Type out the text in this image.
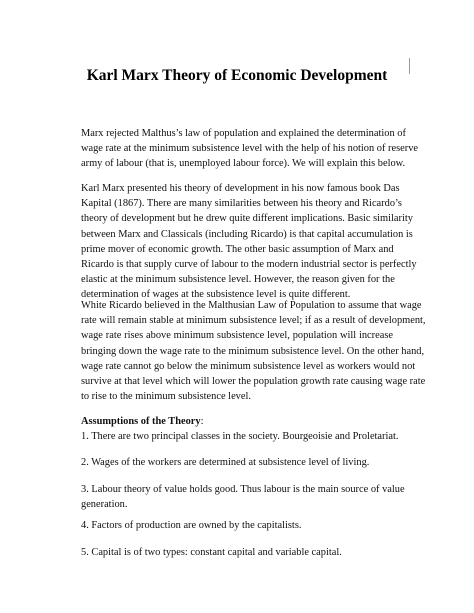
Karl Marx Theory of Economic Development
Marx rejected Malthus’s law of population and explained the determination of
wage rate at the minimum subsistence level with the help of his notion of reserve
army of labour (that is, unemployed labour force). We will explain this below.
Karl Marx presented his theory of development in his now famous book Das
Kapital (1867). There are many similarities between his theory and Ricardo’s
theory of development but he drew quite different implications. Basic similarity
between Marx and Classicals (including Ricardo) is that capital accumulation is
prime mover of economic growth. The other basic assumption of Marx and
Ricardo is that supply curve of labour to the modern industrial sector is perfectly
elastic at the minimum subsistence level. However, the reason given for the
determination of wages at the subsistence level is quite different.
White Ricardo believed in the Malthusian Law of Population to assume that wage
rate will remain stable at minimum subsistence level; if as a result of development,
wage rate rises above minimum subsistence level, population will increase
bringing down the wage rate to the minimum subsistence level. On the other hand,
wage rate cannot go below the minimum subsistence level as workers would not
survive at that level which will lower the population growth rate causing wage rate
to rise to the minimum subsistence level.
Assumptions of the Theory:
1. There are two principal classes in the society. Bourgeoisie and Proletariat.
2. Wages of the workers are determined at subsistence level of living.
3. Labour theory of value holds good. Thus labour is the main source of value
generation.
4. Factors of production are owned by the capitalists.
5. Capital is of two types: constant capital and variable capital.
